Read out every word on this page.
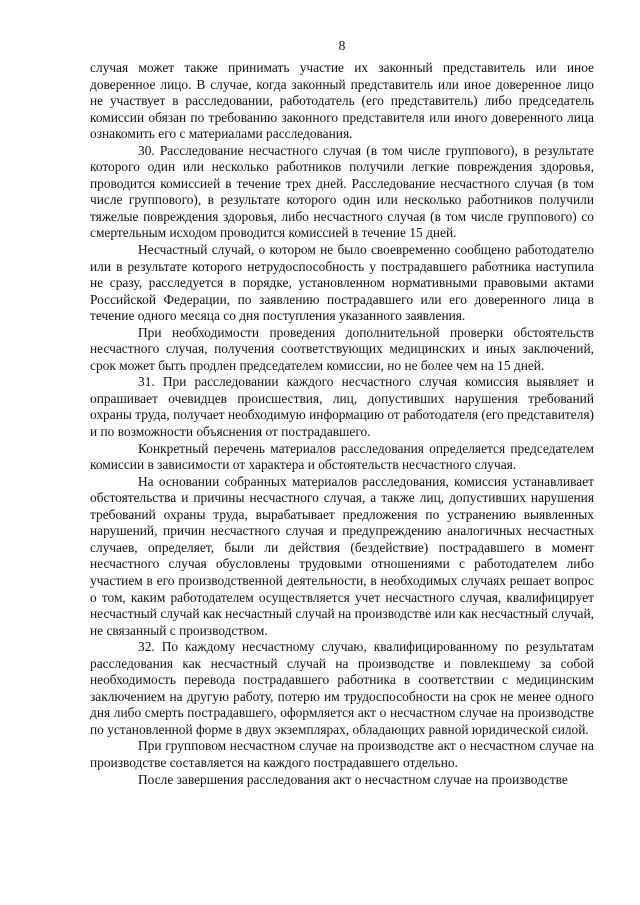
8

случая может также принимать участие их законный представитель или иное доверенное лицо. В случае, когда законный представитель или иное доверенное лицо не участвует в расследовании, работодатель (его представитель) либо председатель комиссии обязан по требованию законного представителя или иного доверенного лица ознакомить его с материалами расследования.

30. Расследование несчастного случая (в том числе группового), в результате которого один или несколько работников получили легкие повреждения здоровья, проводится комиссией в течение трех дней. Расследование несчастного случая (в том числе группового), в результате которого один или несколько работников получили тяжелые повреждения здоровья, либо несчастного случая (в том числе группового) со смертельным исходом проводится комиссией в течение 15 дней.

Несчастный случай, о котором не было своевременно сообщено работодателю или в результате которого нетрудоспособность у пострадавшего работника наступила не сразу, расследуется в порядке, установленном нормативными правовыми актами Российской Федерации, по заявлению пострадавшего или его доверенного лица в течение одного месяца со дня поступления указанного заявления.

При необходимости проведения дополнительной проверки обстоятельств несчастного случая, получения соответствующих медицинских и иных заключений, срок может быть продлен председателем комиссии, но не более чем на 15 дней.

31. При расследовании каждого несчастного случая комиссия выявляет и опрашивает очевидцев происшествия, лиц, допустивших нарушения требований охраны труда, получает необходимую информацию от работодателя (его представителя) и по возможности объяснения от пострадавшего.

Конкретный перечень материалов расследования определяется председателем комиссии в зависимости от характера и обстоятельств несчастного случая.

На основании собранных материалов расследования, комиссия устанавливает обстоятельства и причины несчастного случая, а также лиц, допустивших нарушения требований охраны труда, вырабатывает предложения по устранению выявленных нарушений, причин несчастного случая и предупреждению аналогичных несчастных случаев, определяет, были ли действия (бездействие) пострадавшего в момент несчастного случая обусловлены трудовыми отношениями с работодателем либо участием в его производственной деятельности, в необходимых случаях решает вопрос о том, каким работодателем осуществляется учет несчастного случая, квалифицирует несчастный случай как несчастный случай на производстве или как несчастный случай, не связанный с производством.

32. По каждому несчастному случаю, квалифицированному по результатам расследования как несчастный случай на производстве и повлекшему за собой необходимость перевода пострадавшего работника в соответствии с медицинским заключением на другую работу, потерю им трудоспособности на срок не менее одного дня либо смерть пострадавшего, оформляется акт о несчастном случае на производстве по установленной форме в двух экземплярах, обладающих равной юридической силой.

При групповом несчастном случае на производстве акт о несчастном случае на производстве составляется на каждого пострадавшего отдельно.

После завершения расследования акт о несчастном случае на производстве
